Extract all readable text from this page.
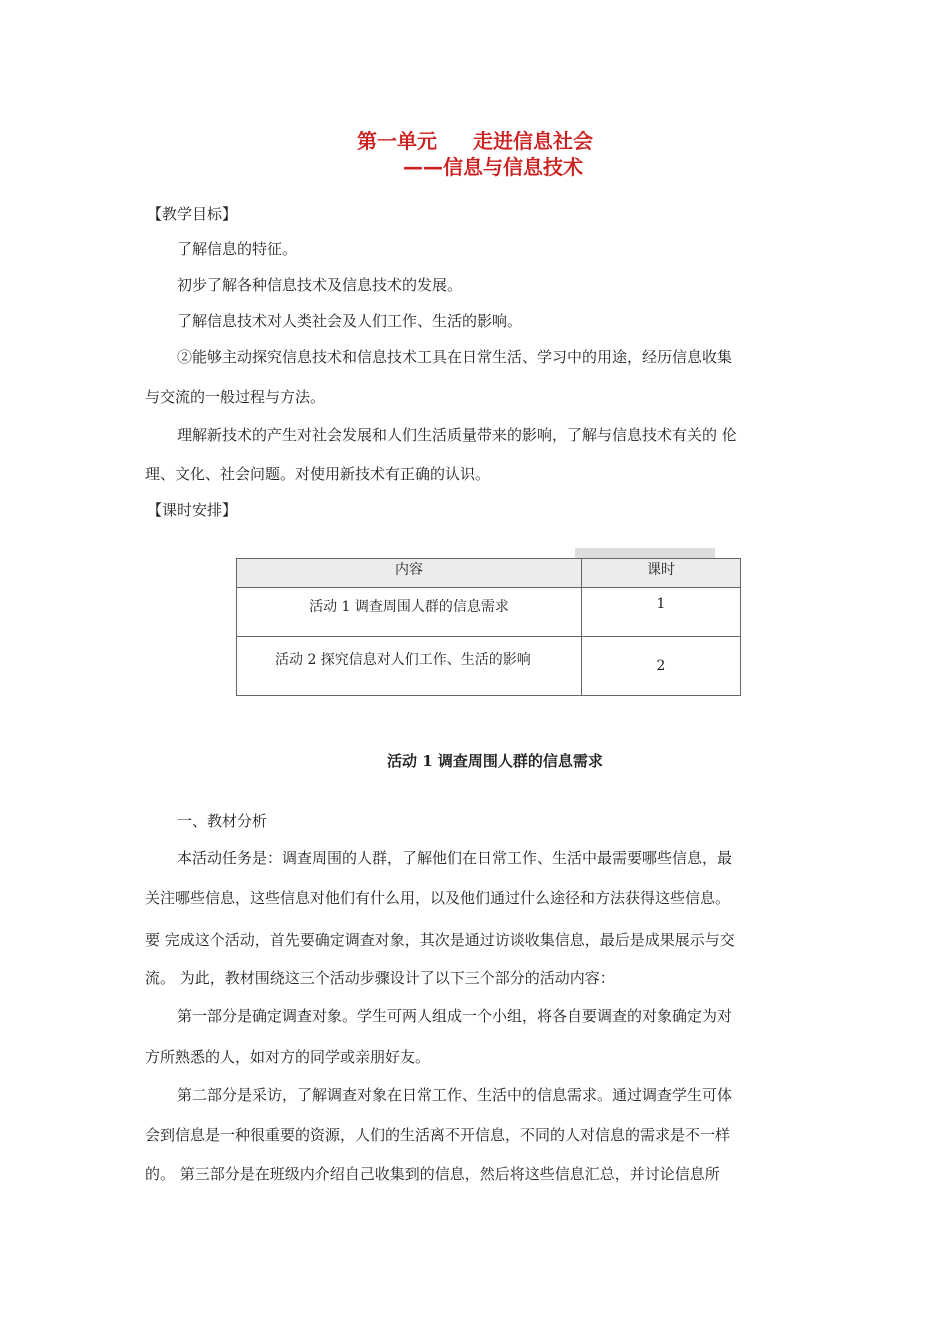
第一单元 走进信息社会
——信息与信息技术
【教学目标】
了解信息的特征。
初步了解各种信息技术及信息技术的发展。
了解信息技术对人类社会及人们工作、生活的影响。
②能够主动探究信息技术和信息技术工具在日常生活、学习中的用途，经历信息收集
与交流的一般过程与方法。
理解新技术的产生对社会发展和人们生活质量带来的影响，了解与信息技术有关的 伦
理、文化、社会问题。对使用新技术有正确的认识。
【课时安排】
内容	课时

活动 1 调查周围人群的信息需求	1

活动 2 探究信息对人们工作、生活的影响	2
活动 1 调查周围人群的信息需求
一、教材分析
本活动任务是：调查周围的人群，了解他们在日常工作、生活中最需要哪些信息，最
关注哪些信息，这些信息对他们有什么用，以及他们通过什么途径和方法获得这些信息。
要 完成这个活动，首先要确定调查对象，其次是通过访谈收集信息，最后是成果展示与交
流。 为此，教材围绕这三个活动步骤设计了以下三个部分的活动内容：
第一部分是确定调查对象。学生可两人组成一个小组，将各自要调查的对象确定为对
方所熟悉的人，如对方的同学或亲朋好友。
第二部分是采访，了解调查对象在日常工作、生活中的信息需求。通过调查学生可体
会到信息是一种很重要的资源，人们的生活离不开信息，不同的人对信息的需求是不一样
的。 第三部分是在班级内介绍自己收集到的信息，然后将这些信息汇总，并讨论信息所
